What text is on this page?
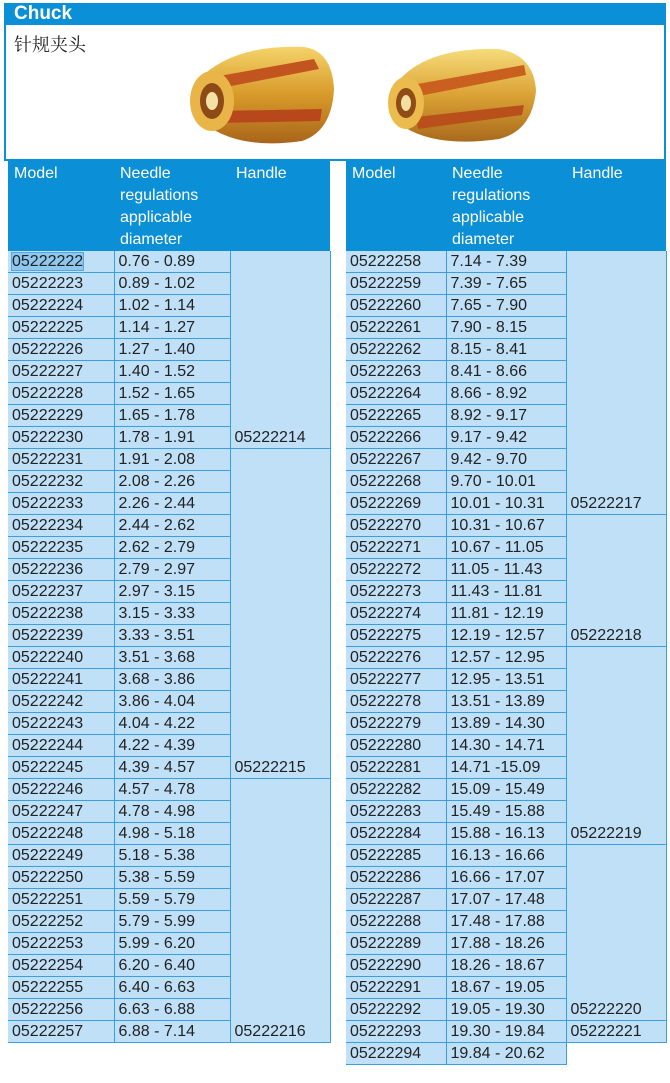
Chuck
针规夹头
Model	Needle regulations applicable diameter	Handle
05222222	0.76 - 0.89	05222214
05222223	0.89 - 1.02	
05222224	1.02 - 1.14	
05222225	1.14 - 1.27	
05222226	1.27 - 1.40	
05222227	1.40 - 1.52	
05222228	1.52 - 1.65	
05222229	1.65 - 1.78	
05222230	1.78 - 1.91	
05222231	1.91 - 2.08	05222215
05222232	2.08 - 2.26	
05222233	2.26 - 2.44	
05222234	2.44 - 2.62	
05222235	2.62 - 2.79	
05222236	2.79 - 2.97	
05222237	2.97 - 3.15	
05222238	3.15 - 3.33	
05222239	3.33 - 3.51	
05222240	3.51 - 3.68	
05222241	3.68 - 3.86	
05222242	3.86 - 4.04	
05222243	4.04 - 4.22	
05222244	4.22 - 4.39	
05222245	4.39 - 4.57	
05222246	4.57 - 4.78	05222216
05222247	4.78 - 4.98	
05222248	4.98 - 5.18	
05222249	5.18 - 5.38	
05222250	5.38 - 5.59	
05222251	5.59 - 5.79	
05222252	5.79 - 5.99	
05222253	5.99 - 6.20	
05222254	6.20 - 6.40	
05222255	6.40 - 6.63	
05222256	6.63 - 6.88	
05222257	6.88 - 7.14	
Model	Needle regulations applicable diameter	Handle
05222258	7.14 - 7.39	05222217
05222259	7.39 - 7.65	
05222260	7.65 - 7.90	
05222261	7.90 - 8.15	
05222262	8.15 - 8.41	
05222263	8.41 - 8.66	
05222264	8.66 - 8.92	
05222265	8.92 - 9.17	
05222266	9.17 - 9.42	
05222267	9.42 - 9.70	
05222268	9.70 - 10.01	
05222269	10.01 - 10.31	
05222270	10.31 - 10.67	05222218
05222271	10.67 - 11.05	
05222272	11.05 - 11.43	
05222273	11.43 - 11.81	
05222274	11.81 - 12.19	
05222275	12.19 - 12.57	
05222276	12.57 - 12.95	05222219
05222277	12.95 - 13.51	
05222278	13.51 - 13.89	
05222279	13.89 - 14.30	
05222280	14.30 - 14.71	
05222281	14.71 -15.09	
05222282	15.09 - 15.49	
05222283	15.49 - 15.88	
05222284	15.88 - 16.13	
05222285	16.13 - 16.66	05222220
05222286	16.66 - 17.07	
05222287	17.07 - 17.48	
05222288	17.48 - 17.88	
05222289	17.88 - 18.26	
05222290	18.26 - 18.67	
05222291	18.67 - 19.05	
05222292	19.05 - 19.30	
05222293	19.30 - 19.84	05222221
05222294	19.84 - 20.62	
